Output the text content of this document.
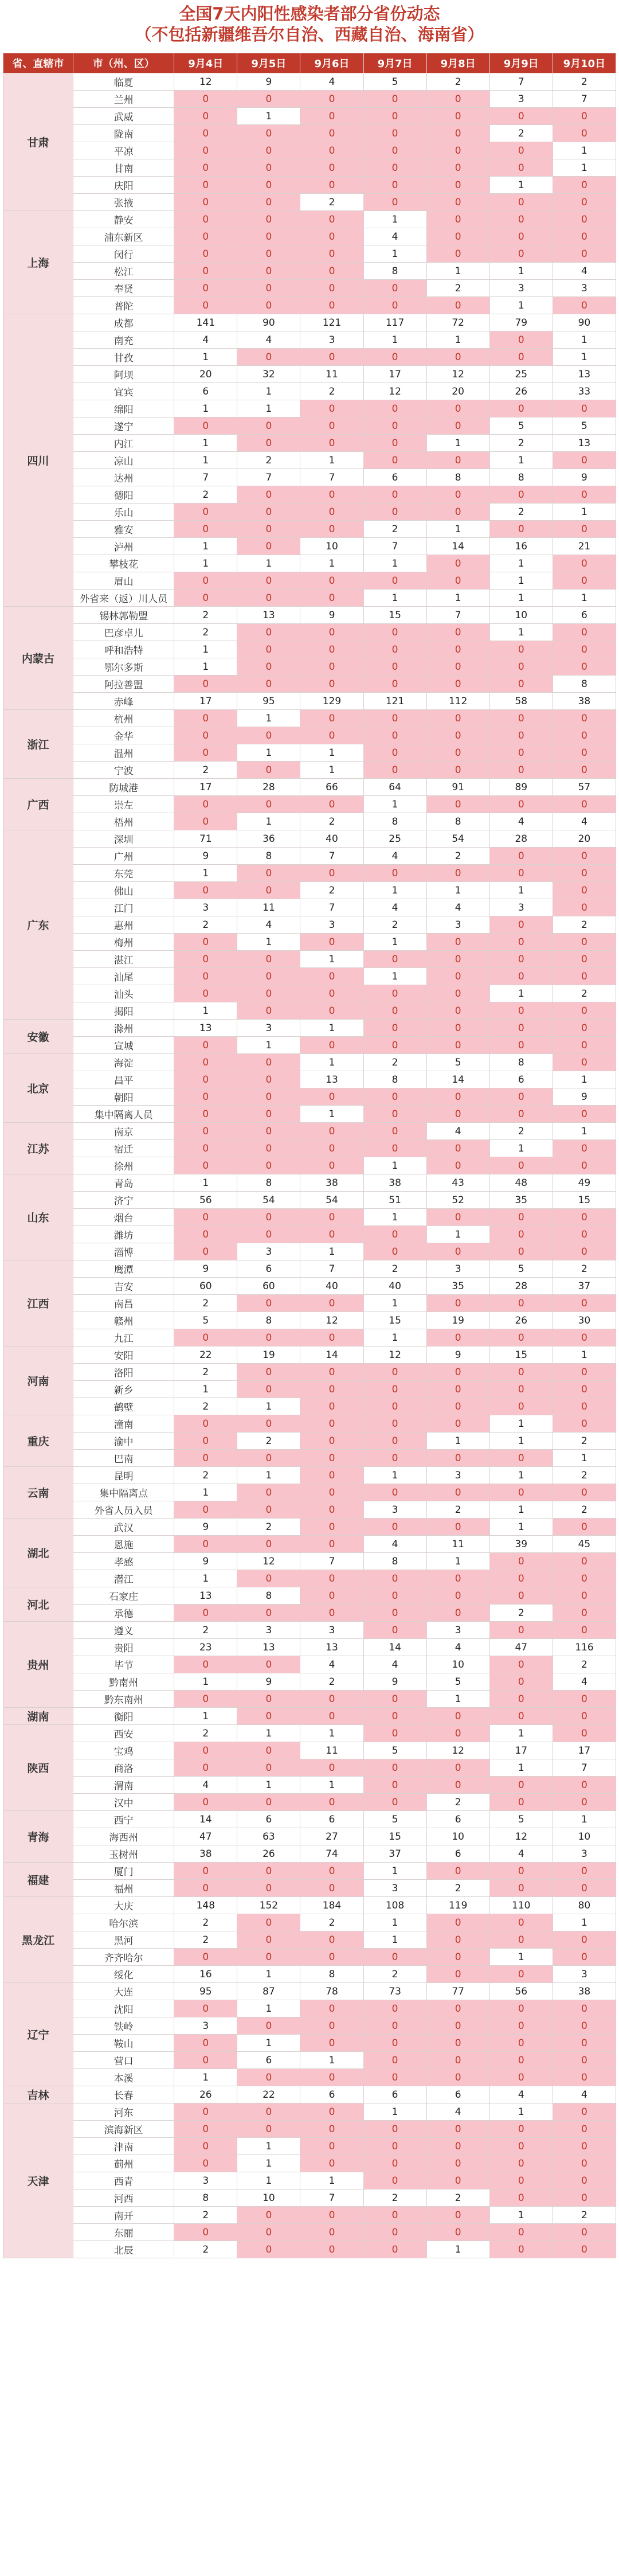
全国7天内阳性感染者部分省份动态
（不包括新疆维吾尔自治、西藏自治、海南省）
省、直辖市	市（州、区）	9月4日	9月5日	9月6日	9月7日	9月8日	9月9日	9月10日
甘肃	临夏	12	9	4	5	2	7	2
	兰州	0	0	0	0	0	3	7
	武威	0	1	0	0	0	0	0
	陇南	0	0	0	0	0	2	0
	平凉	0	0	0	0	0	0	1
	甘南	0	0	0	0	0	0	1
	庆阳	0	0	0	0	0	1	0
	张掖	0	0	2	0	0	0	0
上海	静安	0	0	0	1	0	0	0
	浦东新区	0	0	0	4	0	0	0
	闵行	0	0	0	1	0	0	0
	松江	0	0	0	8	1	1	4
	奉贤	0	0	0	0	2	3	3
	普陀	0	0	0	0	0	1	0
四川	成都	141	90	121	117	72	79	90
	南充	4	4	3	1	1	0	1
	甘孜	1	0	0	0	0	0	1
	阿坝	20	32	11	17	12	25	13
	宜宾	6	1	2	12	20	26	33
	绵阳	1	1	0	0	0	0	0
	遂宁	0	0	0	0	0	5	5
	内江	1	0	0	0	1	2	13
	凉山	1	2	1	0	0	1	0
	达州	7	7	7	6	8	8	9
	德阳	2	0	0	0	0	0	0
	乐山	0	0	0	0	0	2	1
	雅安	0	0	0	2	1	0	0
	泸州	1	0	10	7	14	16	21
	攀枝花	1	1	1	1	0	1	0
	眉山	0	0	0	0	0	1	0
	外省来（返）川人员	0	0	0	1	1	1	1
内蒙古	锡林郭勒盟	2	13	9	15	7	10	6
	巴彦卓儿	2	0	0	0	0	1	0
	呼和浩特	1	0	0	0	0	0	0
	鄂尔多斯	1	0	0	0	0	0	0
	阿拉善盟	0	0	0	0	0	0	8
	赤峰	17	95	129	121	112	58	38
浙江	杭州	0	1	0	0	0	0	0
	金华	0	0	0	0	0	0	0
	温州	0	1	1	0	0	0	0
	宁波	2	0	1	0	0	0	0
广西	防城港	17	28	66	64	91	89	57
	崇左	0	0	0	1	0	0	0
	梧州	0	1	2	8	8	4	4
广东	深圳	71	36	40	25	54	28	20
	广州	9	8	7	4	2	0	0
	东莞	1	0	0	0	0	0	0
	佛山	0	0	2	1	1	1	0
	江门	3	11	7	4	4	3	0
	惠州	2	4	3	2	3	0	2
	梅州	0	1	0	1	0	0	0
	湛江	0	0	1	0	0	0	0
	汕尾	0	0	0	1	0	0	0
	汕头	0	0	0	0	0	1	2
	揭阳	1	0	0	0	0	0	0
安徽	滁州	13	3	1	0	0	0	0
	宣城	0	1	0	0	0	0	0
北京	海淀	0	0	1	2	5	8	0
	昌平	0	0	13	8	14	6	1
	朝阳	0	0	0	0	0	0	9
	集中隔离人员	0	0	1	0	0	0	0
江苏	南京	0	0	0	0	4	2	1
	宿迁	0	0	0	0	0	1	0
	徐州	0	0	0	1	0	0	0
山东	青岛	1	8	38	38	43	48	49
	济宁	56	54	54	51	52	35	15
	烟台	0	0	0	1	0	0	0
	潍坊	0	0	0	0	1	0	0
	淄博	0	3	1	0	0	0	0
江西	鹰潭	9	6	7	2	3	5	2
	吉安	60	60	40	40	35	28	37
	南昌	2	0	0	1	0	0	0
	赣州	5	8	12	15	19	26	30
	九江	0	0	0	1	0	0	0
河南	安阳	22	19	14	12	9	15	1
	洛阳	2	0	0	0	0	0	0
	新乡	1	0	0	0	0	0	0
	鹤壁	2	1	0	0	0	0	0
重庆	潼南	0	0	0	0	0	1	0
	渝中	0	2	0	0	1	1	2
	巴南	0	0	0	0	0	0	1
云南	昆明	2	1	0	1	3	1	2
	集中隔离点	1	0	0	0	0	0	0
	外省人员入员	0	0	0	3	2	1	2
湖北	武汉	9	2	0	0	0	1	0
	恩施	0	0	0	4	11	39	45
	孝感	9	12	7	8	1	0	0
	潜江	1	0	0	0	0	0	0
河北	石家庄	13	8	0	0	0	0	0
	承德	0	0	0	0	0	2	0
贵州	遵义	2	3	3	0	3	0	0
	贵阳	23	13	13	14	4	47	116
	毕节	0	0	4	4	10	0	2
	黔南州	1	9	2	9	5	0	4
	黔东南州	0	0	0	0	1	0	0
湖南	衡阳	1	0	0	0	0	0	0
陕西	西安	2	1	1	0	0	1	0
	宝鸡	0	0	11	5	12	17	17
	商洛	0	0	0	0	0	1	7
	渭南	4	1	1	0	0	0	0
	汉中	0	0	0	0	2	0	0
青海	西宁	14	6	6	5	6	5	1
	海西州	47	63	27	15	10	12	10
	玉树州	38	26	74	37	6	4	3
福建	厦门	0	0	0	1	0	0	0
	福州	0	0	0	3	2	0	0
黑龙江	大庆	148	152	184	108	119	110	80
	哈尔滨	2	0	2	1	0	0	1
	黑河	2	0	0	1	0	0	0
	齐齐哈尔	0	0	0	0	0	1	0
	绥化	16	1	8	2	0	0	3
辽宁	大连	95	87	78	73	77	56	38
	沈阳	0	1	0	0	0	0	0
	铁岭	3	0	0	0	0	0	0
	鞍山	0	1	0	0	0	0	0
	营口	0	6	1	0	0	0	0
	本溪	1	0	0	0	0	0	0
吉林	长春	26	22	6	6	6	4	4
天津	河东	0	0	0	1	4	1	0
	滨海新区	0	0	0	0	0	0	0
	津南	0	1	0	0	0	0	0
	蓟州	0	1	0	0	0	0	0
	西青	3	1	1	0	0	0	0
	河西	8	10	7	2	2	0	0
	南开	2	0	0	0	0	1	2
	东丽	0	0	0	0	0	0	0
	北辰	2	0	0	0	1	0	0
